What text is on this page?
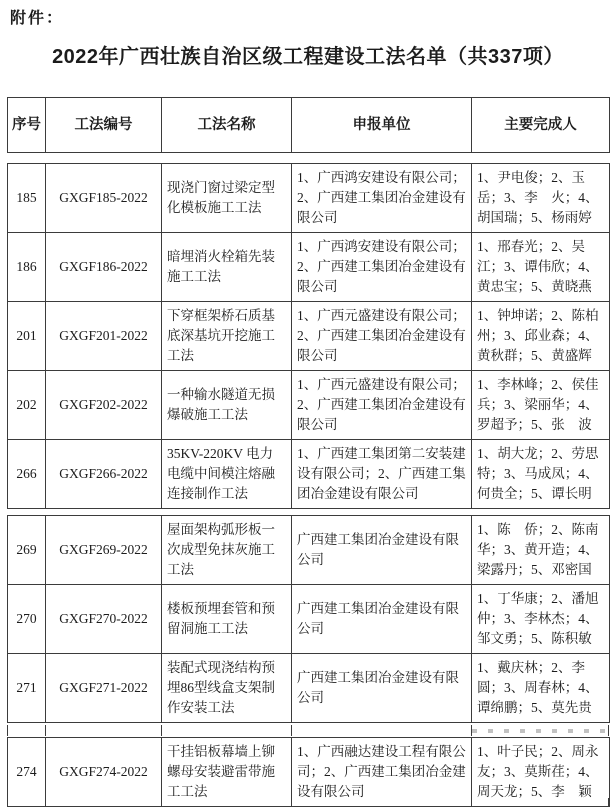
附件：
2022年广西壮族自治区级工程建设工法名单（共337项）
序号	工法编号	工法名称	申报单位	主要完成人
185	GXGF185-2022	现浇门窗过梁定型化模板施工工法	1、广西鸿安建设有限公司；2、广西建工集团冶金建设有限公司	1、尹电俊；2、玉岳；3、李　火；4、胡国瑞；5、杨雨婷
186	GXGF186-2022	暗埋消火栓箱先装施工工法	1、广西鸿安建设有限公司；2、广西建工集团冶金建设有限公司	1、邢春光；2、吴江；3、谭伟欣；4、黄忠宝；5、黄晓燕
201	GXGF201-2022	下穿框架桥石质基底深基坑开挖施工工法	1、广西元盛建设有限公司；2、广西建工集团冶金建设有限公司	1、钟坤诺；2、陈柏州；3、邱业森；4、黄秋群；5、黄盛辉
202	GXGF202-2022	一种输水隧道无损爆破施工工法	1、广西元盛建设有限公司；2、广西建工集团冶金建设有限公司	1、李林峰；2、侯佳兵；3、梁丽华；4、罗超予；5、张　波
266	GXGF266-2022	35KV-220KV 电力电缆中间模注熔融连接制作工法	1、广西建工集团第二安装建设有限公司；2、广西建工集团冶金建设有限公司	1、胡大龙；2、劳思特；3、马成凤；4、何贵全；5、谭长明
269	GXGF269-2022	屋面架构弧形板一次成型免抹灰施工工法	广西建工集团冶金建设有限公司	1、陈　侨；2、陈南华；3、黄开造；4、梁露丹；5、邓密国
270	GXGF270-2022	楼板预埋套管和预留洞施工工法	广西建工集团冶金建设有限公司	1、丁华康；2、潘旭仲；3、李林杰；4、邹文勇；5、陈积敏
271	GXGF271-2022	装配式现浇结构预埋86型线盒支架制作安装工法	广西建工集团冶金建设有限公司	1、戴庆林；2、李圆；3、周春林；4、谭绵鹏；5、莫先贵
274	GXGF274-2022	干挂铝板幕墙上铆螺母安装避雷带施工工法	1、广西融达建设工程有限公司；2、广西建工集团冶金建设有限公司	1、叶子民；2、周永友；3、莫斯荏；4、周天龙；5、李　颖
